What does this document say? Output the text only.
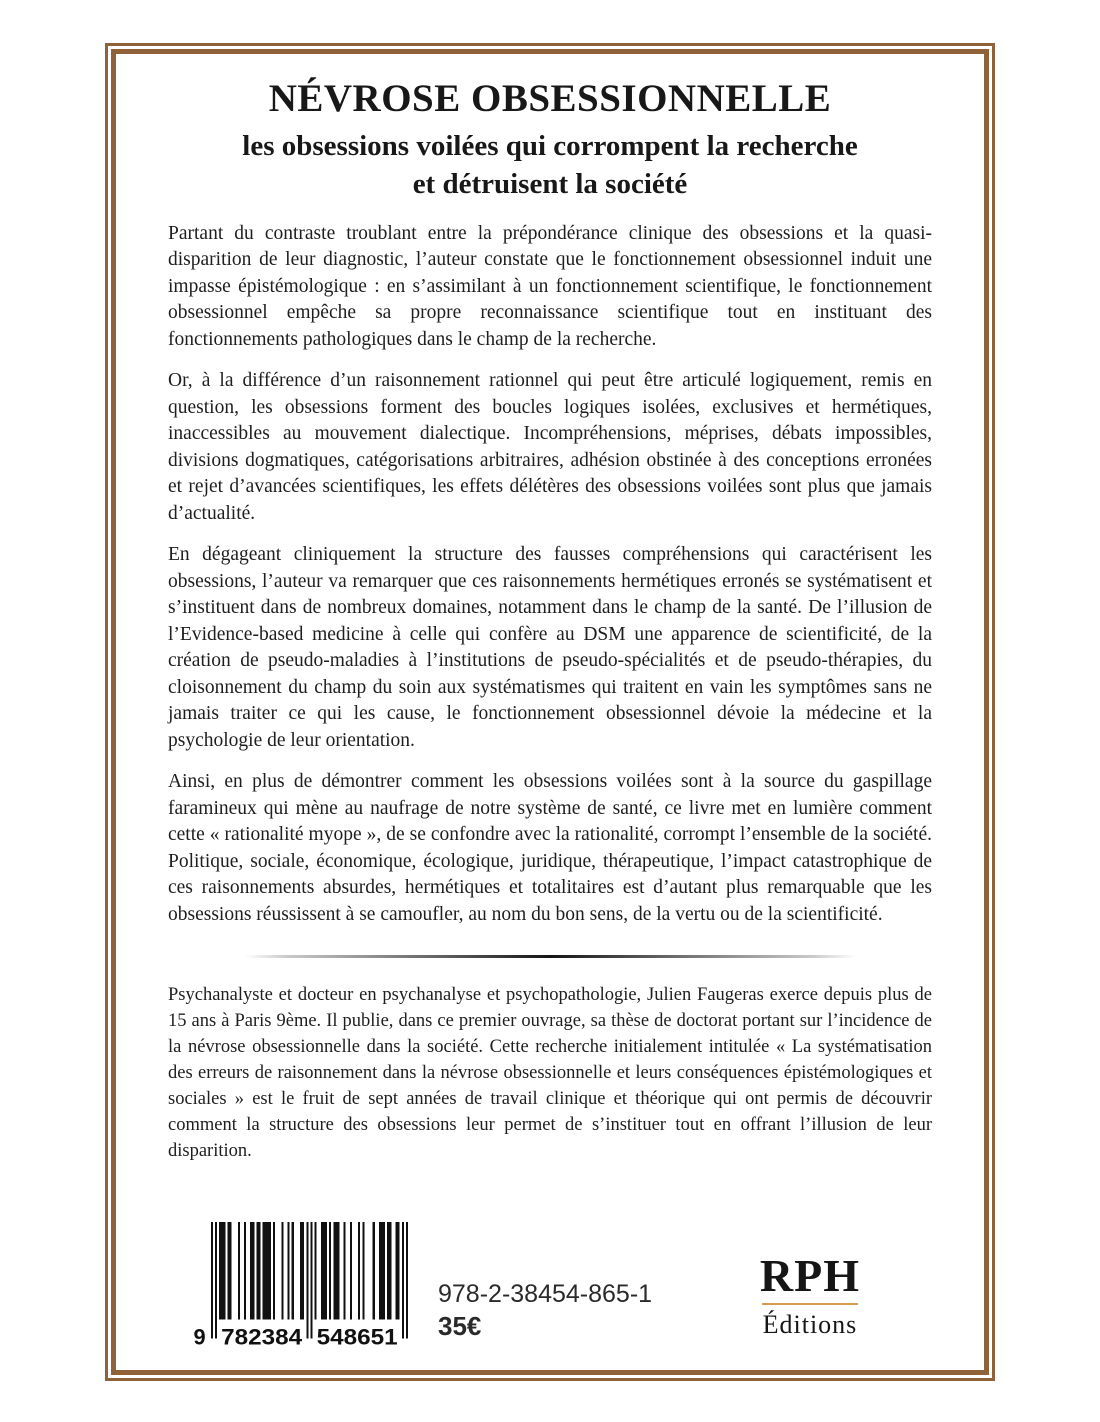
NÉVROSE OBSESSIONNELLE
les obsessions voilées qui corrompent la recherche
et détruisent la société

Partant du contraste troublant entre la prépondérance clinique des obsessions et la quasi-disparition de leur diagnostic, l’auteur constate que le fonctionnement obsessionnel induit une impasse épistémologique : en s’assimilant à un fonctionnement scientifique, le fonctionnement obsessionnel empêche sa propre reconnaissance scientifique tout en instituant des fonctionnements pathologiques dans le champ de la recherche.

Or, à la différence d’un raisonnement rationnel qui peut être articulé logiquement, remis en question, les obsessions forment des boucles logiques isolées, exclusives et hermétiques, inaccessibles au mouvement dialectique. Incompréhensions, méprises, débats impossibles, divisions dogmatiques, catégorisations arbitraires, adhésion obstinée à des conceptions erronées et rejet d’avancées scientifiques, les effets délétères des obsessions voilées sont plus que jamais d’actualité.

En dégageant cliniquement la structure des fausses compréhensions qui caractérisent les obsessions, l’auteur va remarquer que ces raisonnements hermétiques erronés se systématisent et s’instituent dans de nombreux domaines, notamment dans le champ de la santé. De l’illusion de l’Evidence-based medicine à celle qui confère au DSM une apparence de scientificité, de la création de pseudo-maladies à l’institutions de pseudo-spécialités et de pseudo-thérapies, du cloisonnement du champ du soin aux systématismes qui traitent en vain les symptômes sans ne jamais traiter ce qui les cause, le fonctionnement obsessionnel dévoie la médecine et la psychologie de leur orientation.

Ainsi, en plus de démontrer comment les obsessions voilées sont à la source du gaspillage faramineux qui mène au naufrage de notre système de santé, ce livre met en lumière comment cette « rationalité myope », de se confondre avec la rationalité, corrompt l’ensemble de la société. Politique, sociale, économique, écologique, juridique, thérapeutique, l’impact catastrophique de ces raisonnements absurdes, hermétiques et totalitaires est d’autant plus remarquable que les obsessions réussissent à se camoufler, au nom du bon sens, de la vertu ou de la scientificité.

Psychanalyste et docteur en psychanalyse et psychopathologie, Julien Faugeras exerce depuis plus de 15 ans à Paris 9ème. Il publie, dans ce premier ouvrage, sa thèse de doctorat portant sur l’incidence de la névrose obsessionnelle dans la société. Cette recherche initialement intitulée « La systématisation des erreurs de raisonnement dans la névrose obsessionnelle et leurs conséquences épistémologiques et sociales » est le fruit de sept années de travail clinique et théorique qui ont permis de découvrir comment la structure des obsessions leur permet de s’instituer tout en offrant l’illusion de leur disparition.

9 782384 548651
978-2-38454-865-1
35€
RPH
Éditions
